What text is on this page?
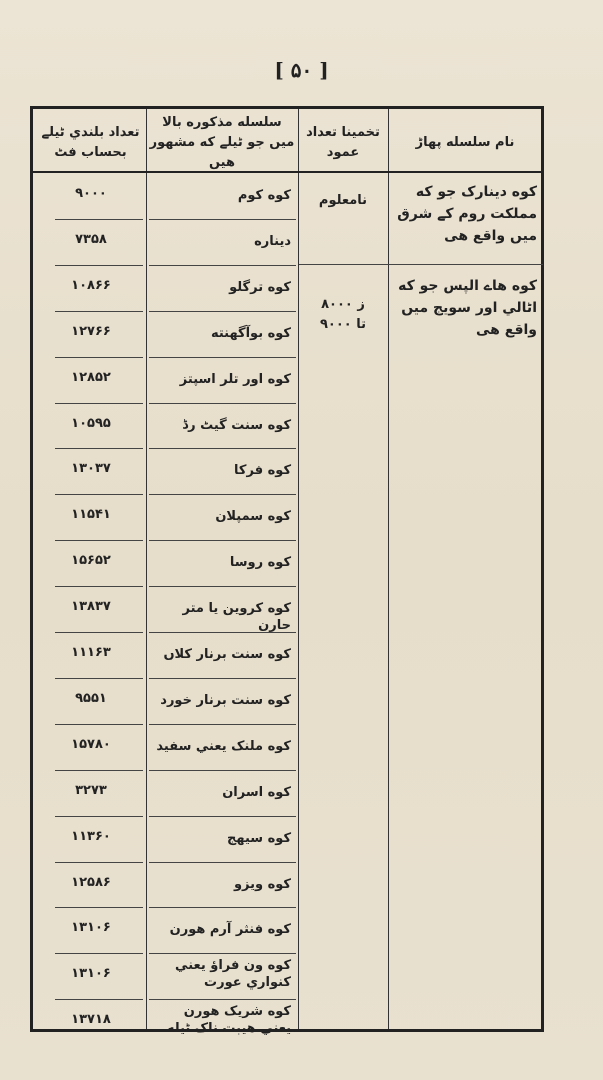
[ ۵۰ ]
نام سلسله پهاڑ
تخمینا تعداد عمود
سلسله مذکوره بالا میں جو ٹیلے که مشهور هیں
تعداد بلندي ٹیلے بحساب فٹ
کوه دینارک جو که مملکت روم کے شرق میں واقع هی
نامعلوم
کوه هاے الپس جو که اٹالي اور سویج میں واقع هی
ز ۸۰۰۰
تا ۹۰۰۰
کوه کوم
۹۰۰۰
دیناره
۷۳۵۸
کوه ترگلو
۱۰۸۶۶
کوه بوآگهنته
۱۲۷۶۶
کوه اور تلر اسپتز
۱۲۸۵۲
کوه سنت گیٹ رڈ
۱۰۵۹۵
کوه فرکا
۱۳۰۳۷
کوه سمپلان
۱۱۵۴۱
کوه روسا
۱۵۶۵۲
کوه کروین یا متر حارن
۱۳۸۳۷
کوه سنت برنار کلاں
۱۱۱۶۳
کوه سنت برنار خورد
۹۵۵۱
کوه ملنک یعني سفید
۱۵۷۸۰
کوه اسران
۳۲۷۳
کوه سیهج
۱۱۳۶۰
کوه ویزو
۱۲۵۸۶
کوه فنثر آرم هورن
۱۳۱۰۶
کوه ون فراؤ یعني کنواري عورت
۱۳۱۰۶
کوه شریک هورن یعني هیبت ناک ٹیله
۱۳۷۱۸
